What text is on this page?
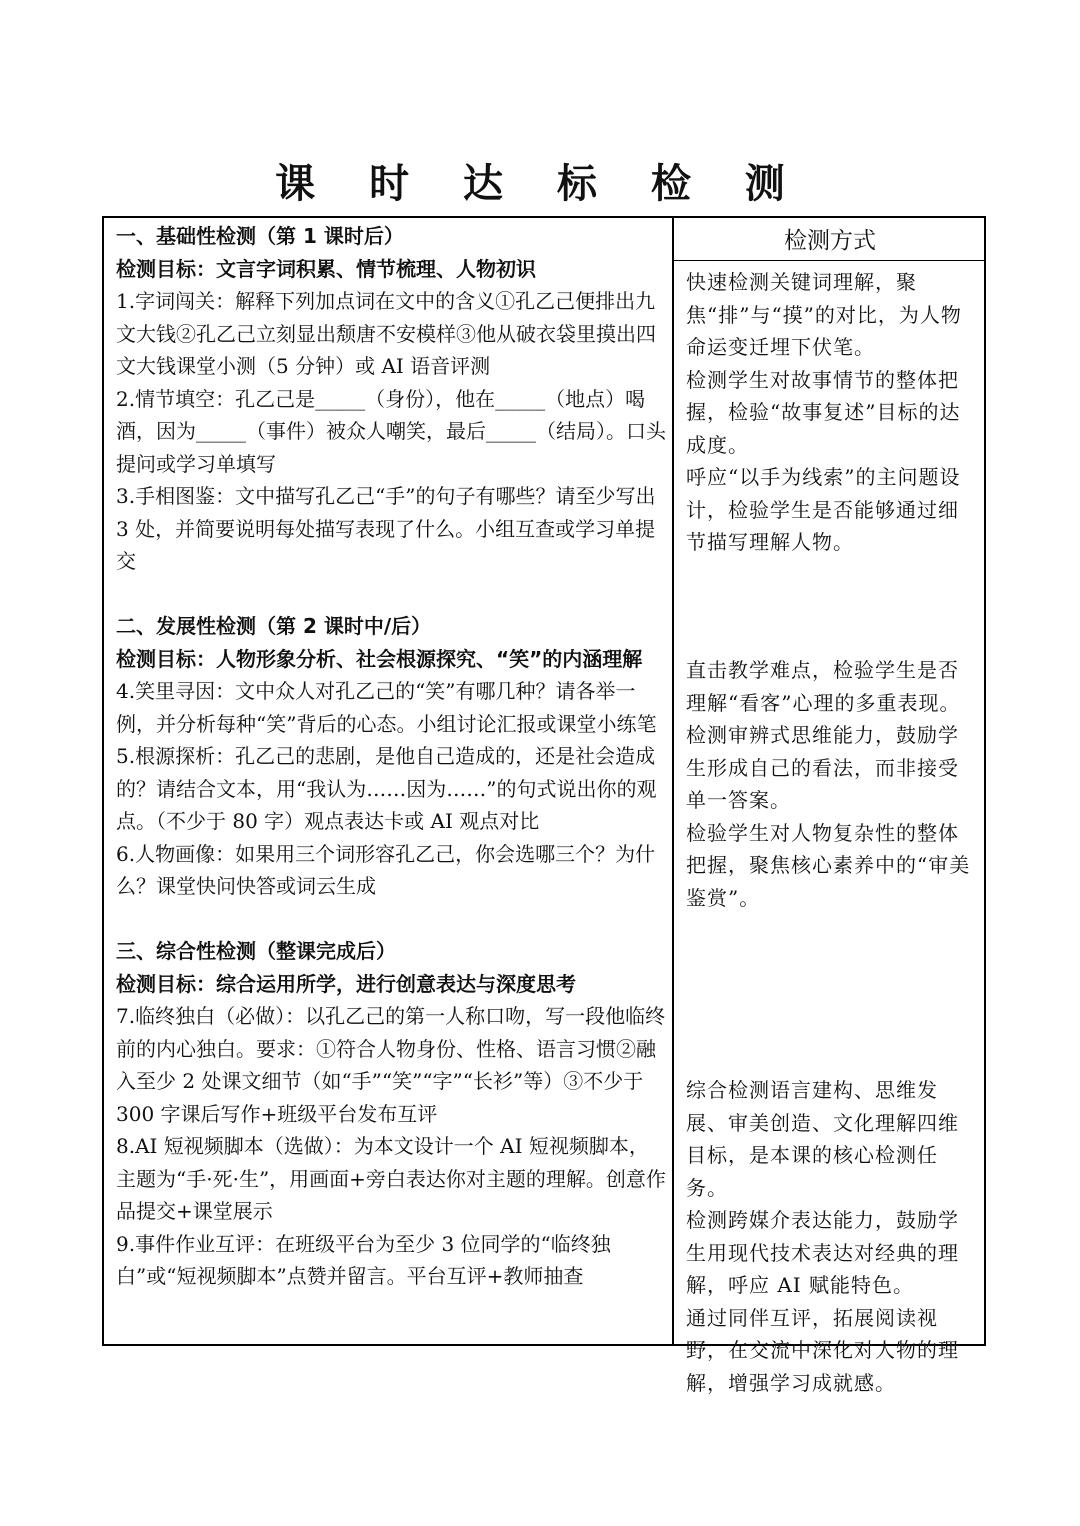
课 时 达 标 检 测
检测方式

一、基础性检测（第 1 课时后）

检测目标：文言字词积累、情节梳理、人物初识

1.字词闯关：解释下列加点词在文中的含义①孔乙己便排出九文大钱②孔乙己立刻显出颓唐不安模样③他从破衣袋里摸出四文大钱课堂小测（5 分钟）或 AI 语音评测

2.情节填空：孔乙己是_____（身份），他在_____（地点）喝酒，因为_____（事件）被众人嘲笑，最后_____（结局）。口头提问或学习单填写

3.手相图鉴：文中描写孔乙己“手”的句子有哪些？请至少写出 3 处，并简要说明每处描写表现了什么。小组互查或学习单提交

二、发展性检测（第 2 课时中/后）

检测目标：人物形象分析、社会根源探究、“笑”的内涵理解

4.笑里寻因：文中众人对孔乙己的“笑”有哪几种？请各举一例，并分析每种“笑”背后的心态。小组讨论汇报或课堂小练笔

5.根源探析：孔乙己的悲剧，是他自己造成的，还是社会造成的？请结合文本，用“我认为……因为……”的句式说出你的观点。（不少于 80 字）观点表达卡或 AI 观点对比

6.人物画像：如果用三个词形容孔乙己，你会选哪三个？为什么？课堂快问快答或词云生成

三、综合性检测（整课完成后）

检测目标：综合运用所学，进行创意表达与深度思考

7.临终独白（必做）：以孔乙己的第一人称口吻，写一段他临终前的内心独白。要求：①符合人物身份、性格、语言习惯②融入至少 2 处课文细节（如“手”“笑”“字”“长衫”等）③不少于 300 字课后写作+班级平台发布互评

8.AI 短视频脚本（选做）：为本文设计一个 AI 短视频脚本，主题为“手·死·生”，用画面+旁白表达你对主题的理解。创意作品提交+课堂展示

9.事件作业互评：在班级平台为至少 3 位同学的“临终独白”或“短视频脚本”点赞并留言。平台互评+教师抽查

快速检测关键词理解，聚焦“排”与“摸”的对比，为人物命运变迁埋下伏笔。

检测学生对故事情节的整体把握，检验“故事复述”目标的达成度。

呼应“以手为线索”的主问题设计，检验学生是否能够通过细节描写理解人物。

直击教学难点，检验学生是否理解“看客”心理的多重表现。

检测审辨式思维能力，鼓励学生形成自己的看法，而非接受单一答案。

检验学生对人物复杂性的整体把握，聚焦核心素养中的“审美鉴赏”。

综合检测语言建构、思维发展、审美创造、文化理解四维目标，是本课的核心检测任务。

检测跨媒介表达能力，鼓励学生用现代技术表达对经典的理解，呼应 AI 赋能特色。

通过同伴互评，拓展阅读视野，在交流中深化对人物的理解，增强学习成就感。
